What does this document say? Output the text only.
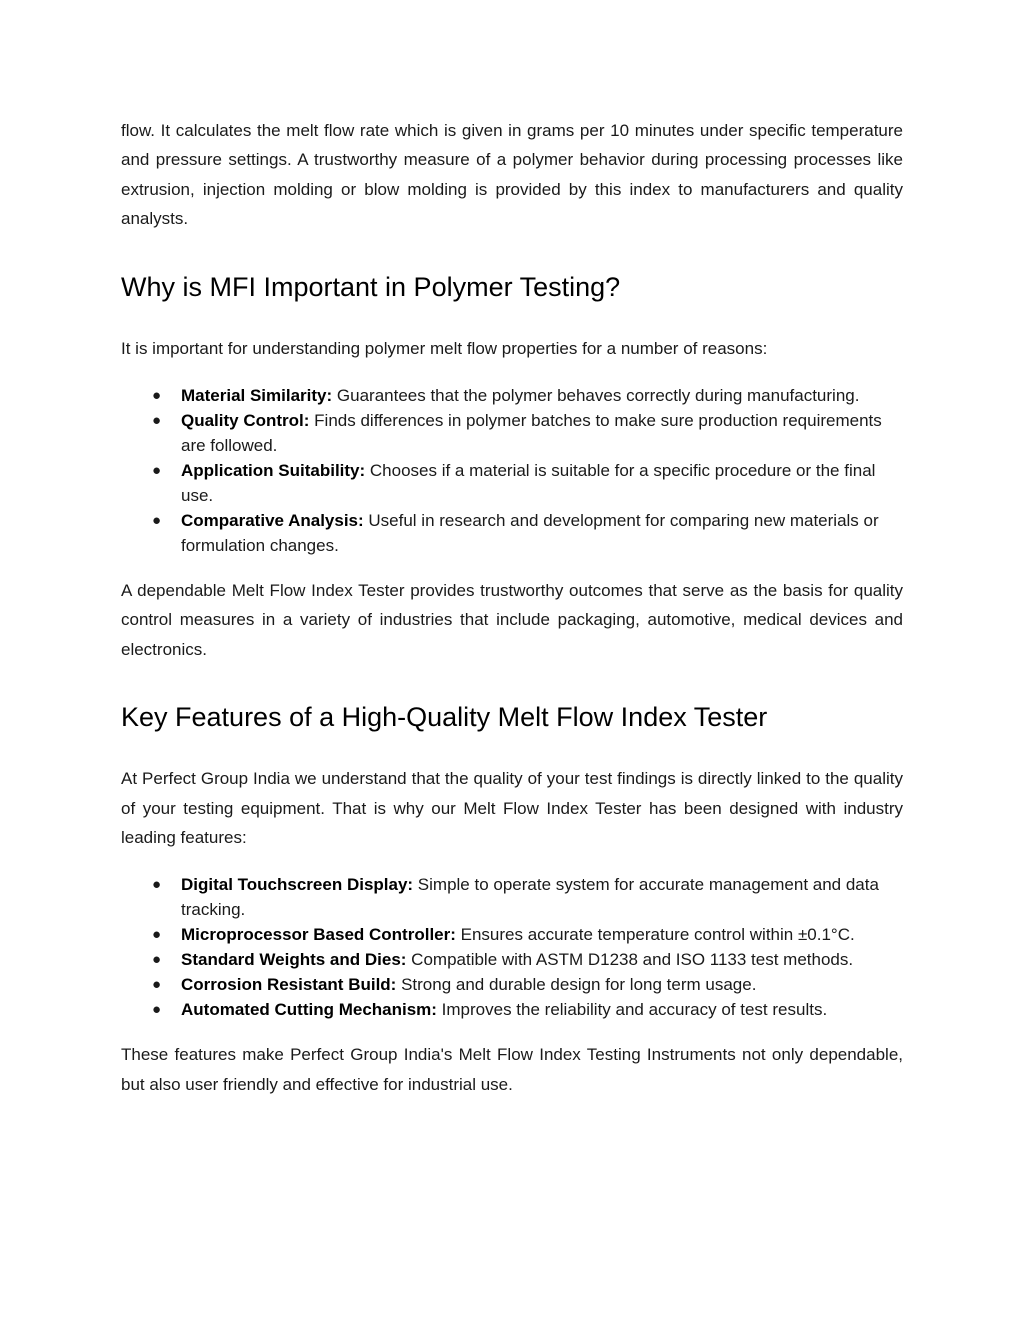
flow. It calculates the melt flow rate which is given in grams per 10 minutes under specific temperature and pressure settings. A trustworthy measure of a polymer behavior during processing processes like extrusion, injection molding or blow molding is provided by this index to manufacturers and quality analysts.

Why is MFI Important in Polymer Testing?

It is important for understanding polymer melt flow properties for a number of reasons:

● Material Similarity: Guarantees that the polymer behaves correctly during manufacturing.
● Quality Control: Finds differences in polymer batches to make sure production requirements are followed.
● Application Suitability: Chooses if a material is suitable for a specific procedure or the final use.
● Comparative Analysis: Useful in research and development for comparing new materials or formulation changes.

A dependable Melt Flow Index Tester provides trustworthy outcomes that serve as the basis for quality control measures in a variety of industries that include packaging, automotive, medical devices and electronics.

Key Features of a High-Quality Melt Flow Index Tester

At Perfect Group India we understand that the quality of your test findings is directly linked to the quality of your testing equipment. That is why our Melt Flow Index Tester has been designed with industry leading features:

● Digital Touchscreen Display: Simple to operate system for accurate management and data tracking.
● Microprocessor Based Controller: Ensures accurate temperature control within ±0.1°C.
● Standard Weights and Dies: Compatible with ASTM D1238 and ISO 1133 test methods.
● Corrosion Resistant Build: Strong and durable design for long term usage.
● Automated Cutting Mechanism: Improves the reliability and accuracy of test results.

These features make Perfect Group India's Melt Flow Index Testing Instruments not only dependable, but also user friendly and effective for industrial use.
